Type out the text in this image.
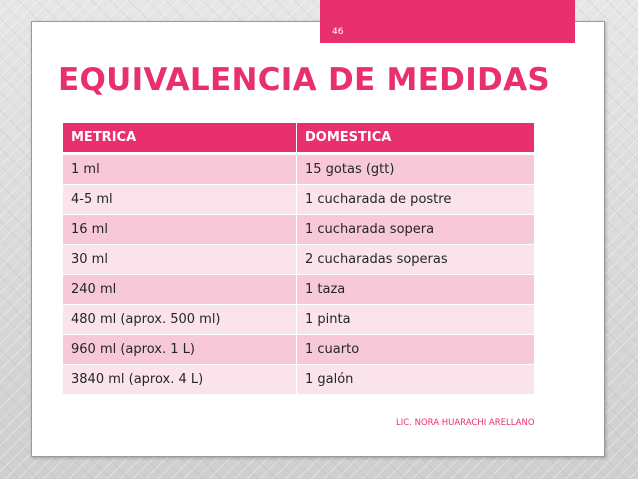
46
EQUIVALENCIA DE MEDIDAS
METRICA	DOMESTICA
1 ml	15 gotas (gtt)
4-5 ml	1 cucharada de postre
16 ml	1 cucharada sopera
30 ml	2 cucharadas soperas
240 ml	1 taza
480 ml (aprox. 500 ml)	1 pinta
960 ml (aprox. 1 L)	1 cuarto
3840 ml (aprox. 4 L)	1 galón
LIC. NORA HUARACHI ARELLANO
